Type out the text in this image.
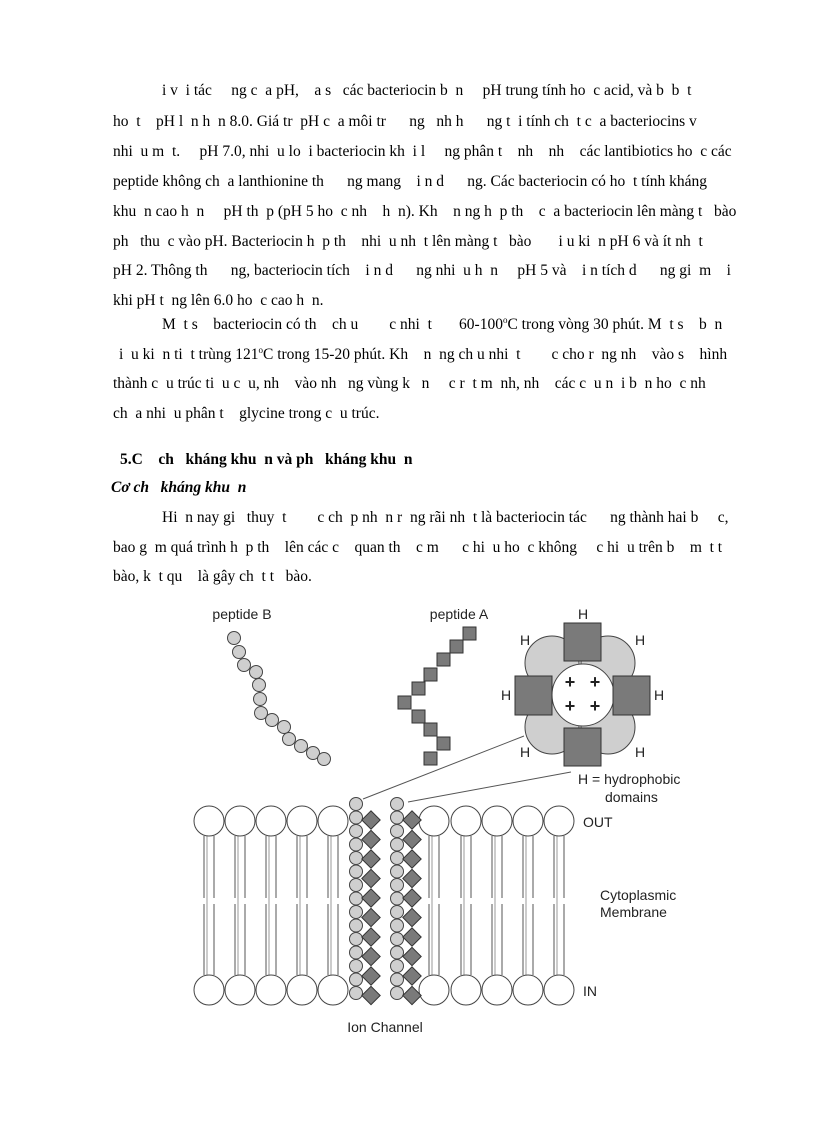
i v  i tác     ng c  a pH,    a s   các bacteriocin b  n     pH trung tính ho  c acid, và b  b  t
ho  t    pH l  n h  n 8.0. Giá tr  pH c  a môi tr      ng   nh h      ng t  i tính ch  t c  a bacteriocins v
nhi  u m  t.     pH 7.0, nhi  u lo  i bacteriocin kh  i l     ng phân t    nh    nh    các lantibiotics ho  c các
peptide không ch  a lanthionine th      ng mang    i n d      ng. Các bacteriocin có ho  t tính kháng
khu  n cao h  n     pH th  p (pH 5 ho  c nh    h  n). Kh    n ng h  p th    c  a bacteriocin lên màng t   bào
ph   thu  c vào pH. Bacteriocin h  p th    nhi  u nh  t lên màng t   bào       i u ki  n pH 6 và ít nh  t
pH 2. Thông th      ng, bacteriocin tích    i n d      ng nhi  u h  n     pH 5 và    i n tích d      ng gi  m    i
khi pH t  ng lên 6.0 ho  c cao h  n.
M  t s    bacteriocin có th    ch u        c nhi  t       60-100$^o$C trong vòng 30 phút. M  t s    b  n
i  u ki  n ti  t trùng 121$^o$C trong 15-20 phút. Kh    n  ng ch u nhi  t        c cho r  ng nh    vào s    hình
thành c  u trúc ti  u c  u, nh    vào nh   ng vùng k   n     c r  t m  nh, nh    các c  u n  i b  n ho  c nh
ch  a nhi  u phân t    glycine trong c  u trúc.
5.C    ch   kháng khu  n và ph   kháng khu  n
Cơ ch   kháng khu  n
Hi  n nay gi   thuy  t        c ch  p nh  n r  ng rãi nh  t là bacteriocin tác      ng thành hai b     c,
bao g  m quá trình h  p th    lên các c    quan th    c m      c hi  u ho  c không     c hi  u trên b    m  t t
bào, k  t qu    là gây ch  t t   bào.
+ +
+ +
H
H	H
H	H
H	H
peptide B	peptide A
H = hydrophobic
domains
OUT
Cytoplasmic
Membrane
IN
Ion Channel
